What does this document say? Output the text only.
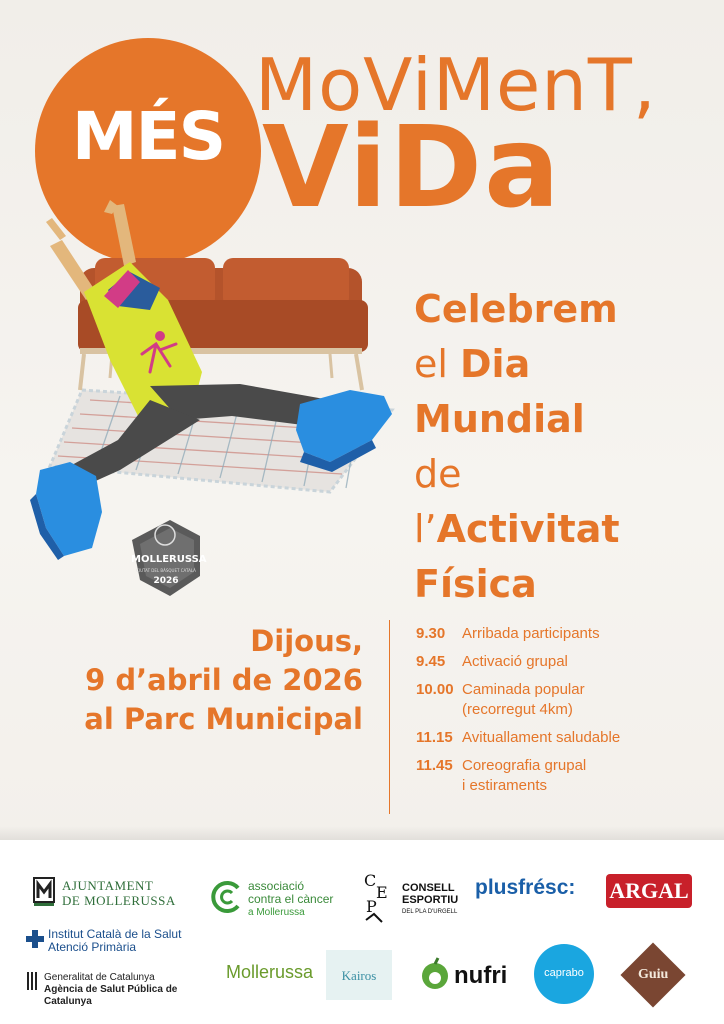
MÉS
MoViMenT,
ViDa
MOLLERUSSA
CIUTAT DEL BÀSQUET CATALÀ
2026
Celebrem
el Dia
Mundial
de
l’Activitat
Física
Dijous,
9 d’abril de 2026
al Parc Municipal
9.30	Arribada participants
9.45	Activació grupal
10.00 Caminada popular
(recorregut 4km)
11.15 Avituallament saludable
11.45 Coreografia grupal
i estiraments
AJUNTAMENT
DE MOLLERUSSA
associació
contra el càncer
a Mollerussa
C
E
P
CONSELL
ESPORTIU
DEL PLA D'URGELL
plusfrésc: ARGAL
Institut Català de la Salut
Atenció Primària
Generalitat de Catalunya
Agència de Salut Pública de Catalunya
Mollerussa	Kairos	nufri	caprabo	Guiu
